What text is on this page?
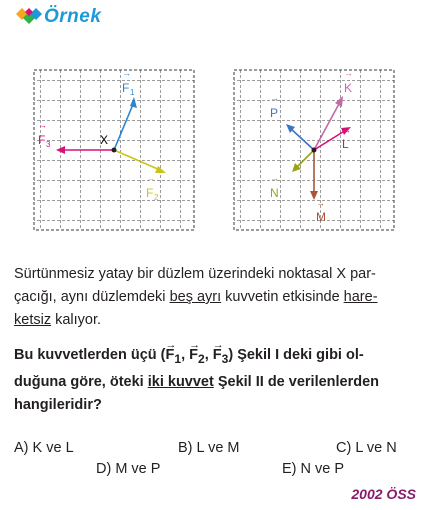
Örnek
X
→
F 1
→
F 2
→
F 3
→
K
→
L
→
M
→
N
→
P
Sürtünmesiz yatay bir düzlem üzerindeki noktasal X par-
çacığı, aynı düzlemdeki beş ayrı kuvvetin etkisinde hare-
ketsiz kalıyor.
Bu kuvvetlerden üçü (→ $F_1$, → $F_2$, → $F_3$) Şekil I deki gibi ol-
duğuna göre, öteki iki kuvvet Şekil II de verilenlerden
hangileridir?
A) K ve L	B) L ve M	C) L ve N
D) M ve P	E) N ve P
2002 ÖSS
